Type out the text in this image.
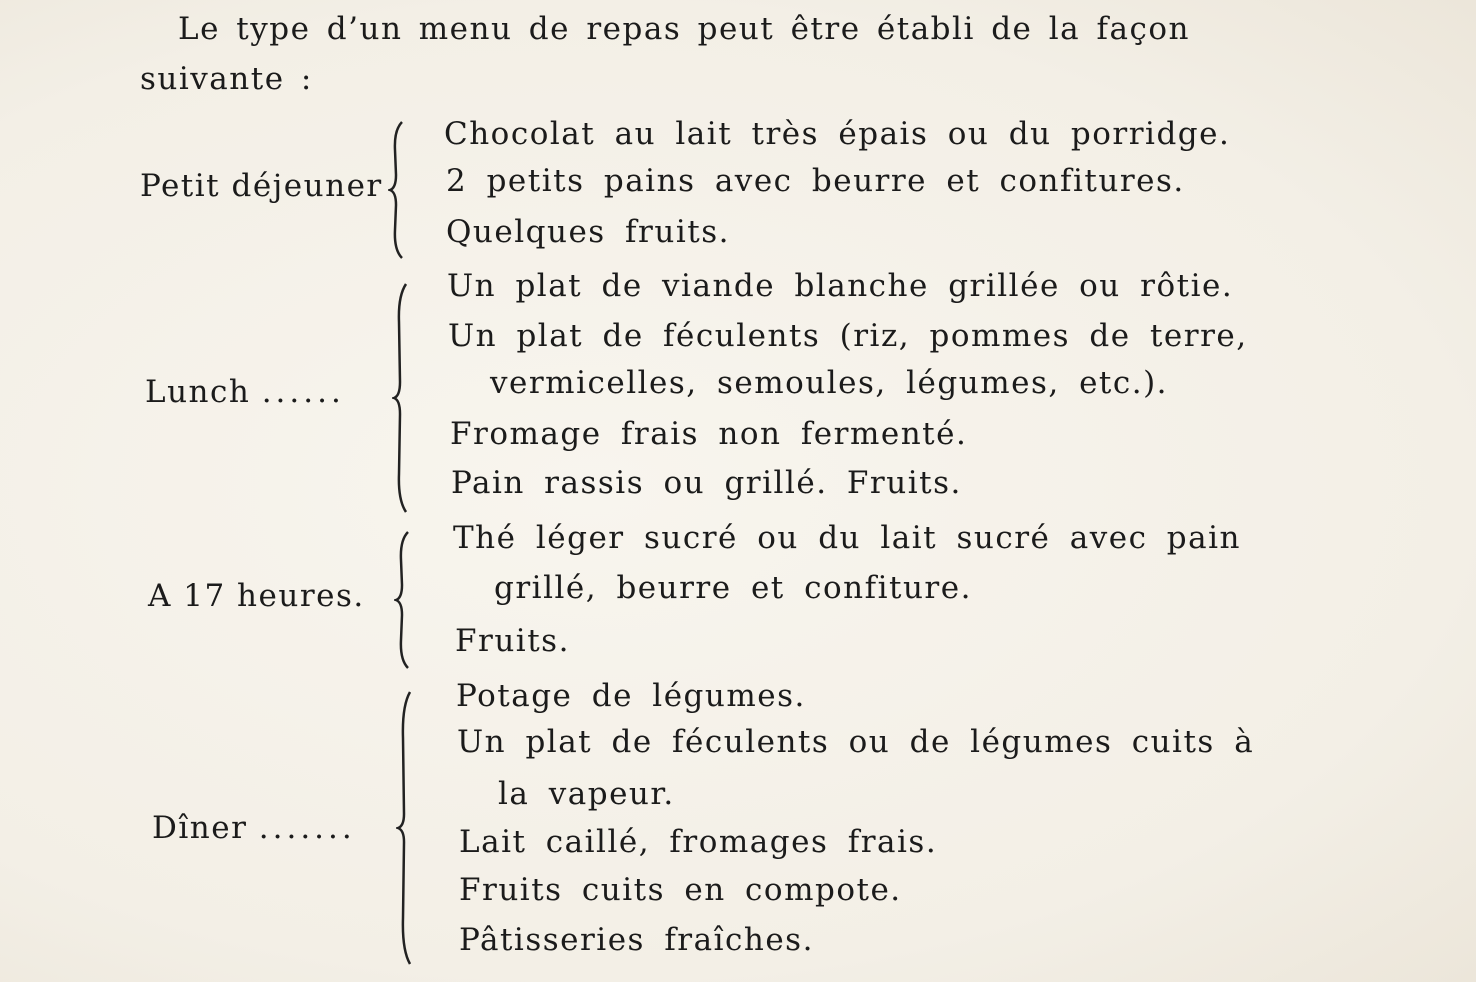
Le type d’un menu de repas peut être établi de la façon
suivante :
Petit déjeuner
Chocolat au lait très épais ou du porridge.
2 petits pains avec beurre et confitures.
Quelques fruits.
Lunch ......
Un plat de viande blanche grillée ou rôtie.
Un plat de féculents (riz, pommes de terre,
vermicelles, semoules, légumes, etc.).
Fromage frais non fermenté.
Pain rassis ou grillé. Fruits.
A 17 heures.
Thé léger sucré ou du lait sucré avec pain
grillé, beurre et confiture.
Fruits.
Dîner .......
Potage de légumes.
Un plat de féculents ou de légumes cuits à
la vapeur.
Lait caillé, fromages frais.
Fruits cuits en compote.
Pâtisseries fraîches.
